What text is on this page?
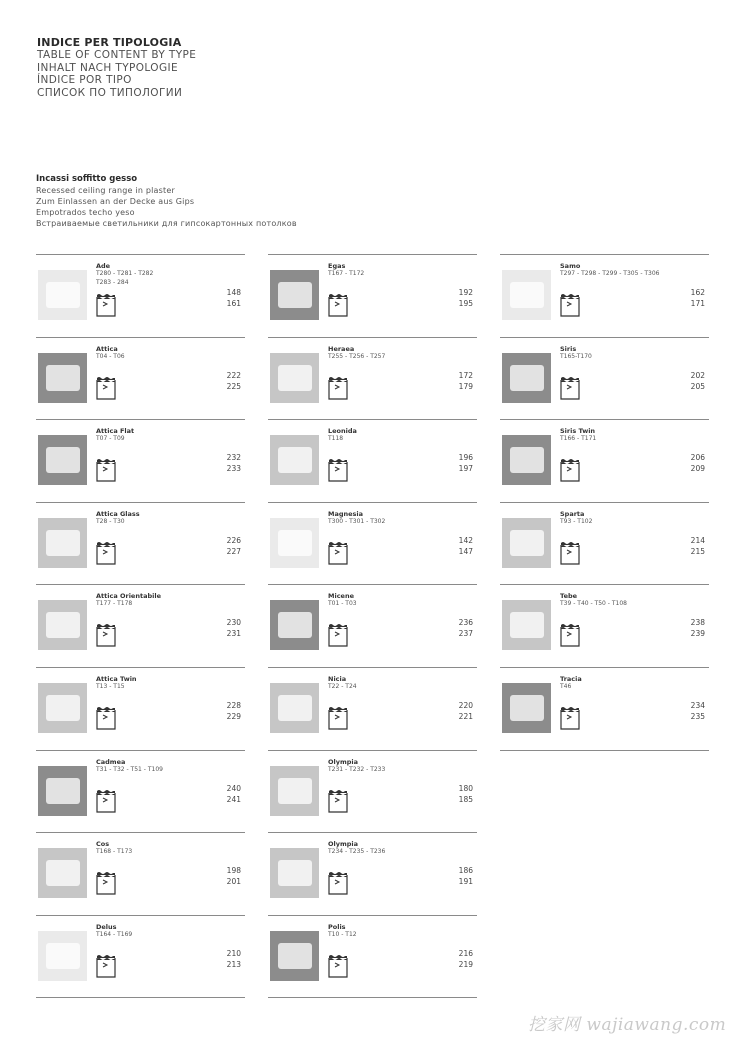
INDICE PER TIPOLOGIA
TABLE OF CONTENT BY TYPE
INHALT NACH TYPOLOGIE
ÍNDICE POR TIPO
СПИСОК ПО ТИПОЛОГИИ
Incassi soffitto gesso
Recessed ceiling range in plaster
Zum Einlassen an der Decke aus Gips
Empotrados techo yeso
Встраиваемые светильники для гипсокартонных потолков
Ade
T280 - T281 - T282
T283 - 284
148
161
Attica
T04 - T06
222
225
Attica Flat
T07 - T09
232
233
Attica Glass
T28 - T30
226
227
Attica Orientabile
T177 - T178
230
231
Attica Twin
T13 - T15
228
229
Cadmea
T31 - T32 - T51 - T109
240
241
Cos
T168 - T173
198
201
Delus
T164 - T169
210
213
Egas
T167 - T172
192
195
Heraea
T255 - T256 - T257
172
179
Leonida
T118
196
197
Magnesia
T300 - T301 - T302
142
147
Micene
T01 - T03
236
237
Nicia
T22 - T24
220
221
Olympia
T231 - T232 - T233
180
185
Olympia
T234 - T235 - T236
186
191
Polis
T10 - T12
216
219
Samo
T297 - T298 - T299 - T305 - T306
162
171
Siris
T165-T170
202
205
Siris Twin
T166 - T171
206
209
Sparta
T93 - T102
214
215
Tebe
T39 - T40 - T50 - T108
238
239
Tracia
T46
234
235
挖家网 wajiawang.com
